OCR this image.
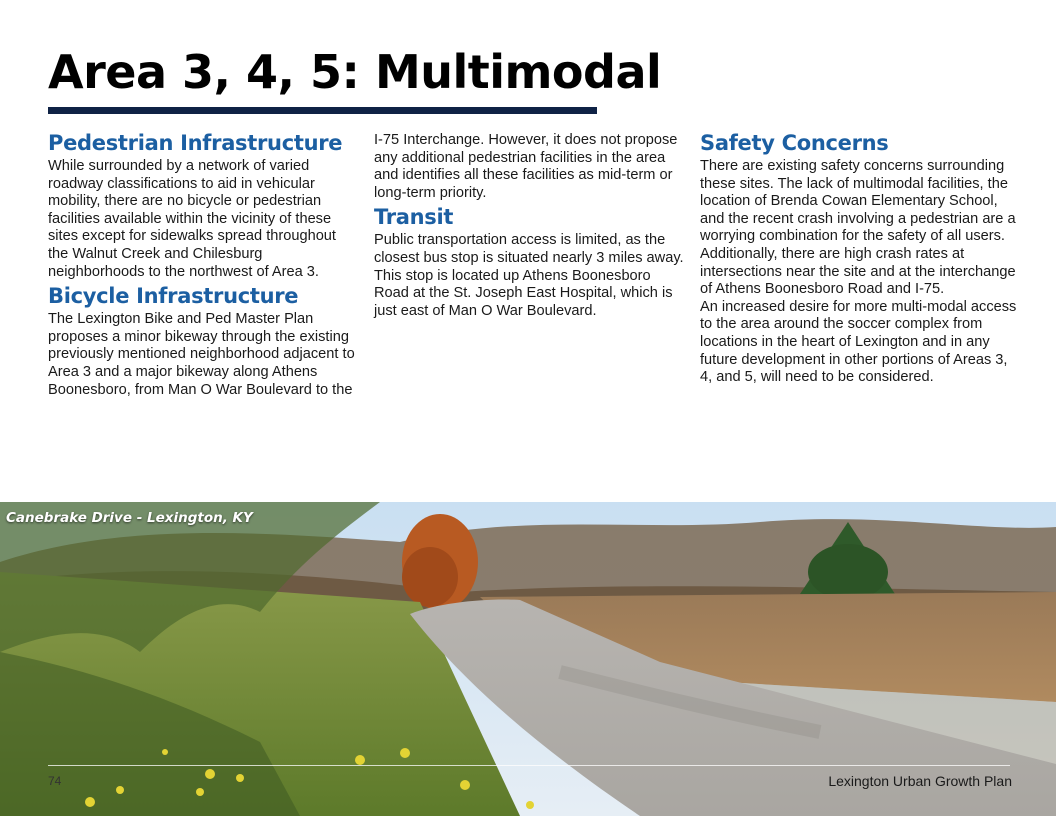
Area 3, 4, 5: Multimodal
Pedestrian Infrastructure

While surrounded by a network of varied roadway classifications to aid in vehicular mobility, there are no bicycle or pedestrian facilities available within the vicinity of these sites except for sidewalks spread throughout the Walnut Creek and Chilesburg neighborhoods to the northwest of Area 3.

Bicycle Infrastructure

The Lexington Bike and Ped Master Plan proposes a minor bikeway through the existing previously mentioned neighborhood adjacent to Area 3 and a major bikeway along Athens Boonesboro, from Man O War Boulevard to the

I-75 Interchange. However, it does not propose any additional pedestrian facilities in the area and identifies all these facilities as mid-term or long-term priority.

Transit

Public transportation access is limited, as the closest bus stop is situated nearly 3 miles away. This stop is located up Athens Boonesboro Road at the St. Joseph East Hospital, which is just east of Man O War Boulevard.

Safety Concerns

There are existing safety concerns surrounding these sites. The lack of multimodal facilities, the location of Brenda Cowan Elementary School, and the recent crash involving a pedestrian are a worrying combination for the safety of all users. Additionally, there are high crash rates at intersections near the site and at the interchange of Athens Boonesboro Road and I-75.

An increased desire for more multi-modal access to the area around the soccer complex from locations in the heart of Lexington and in any future development in other portions of Areas 3, 4, and 5, will need to be considered.

Canebrake Drive - Lexington, KY
74	Lexington Urban Growth Plan
